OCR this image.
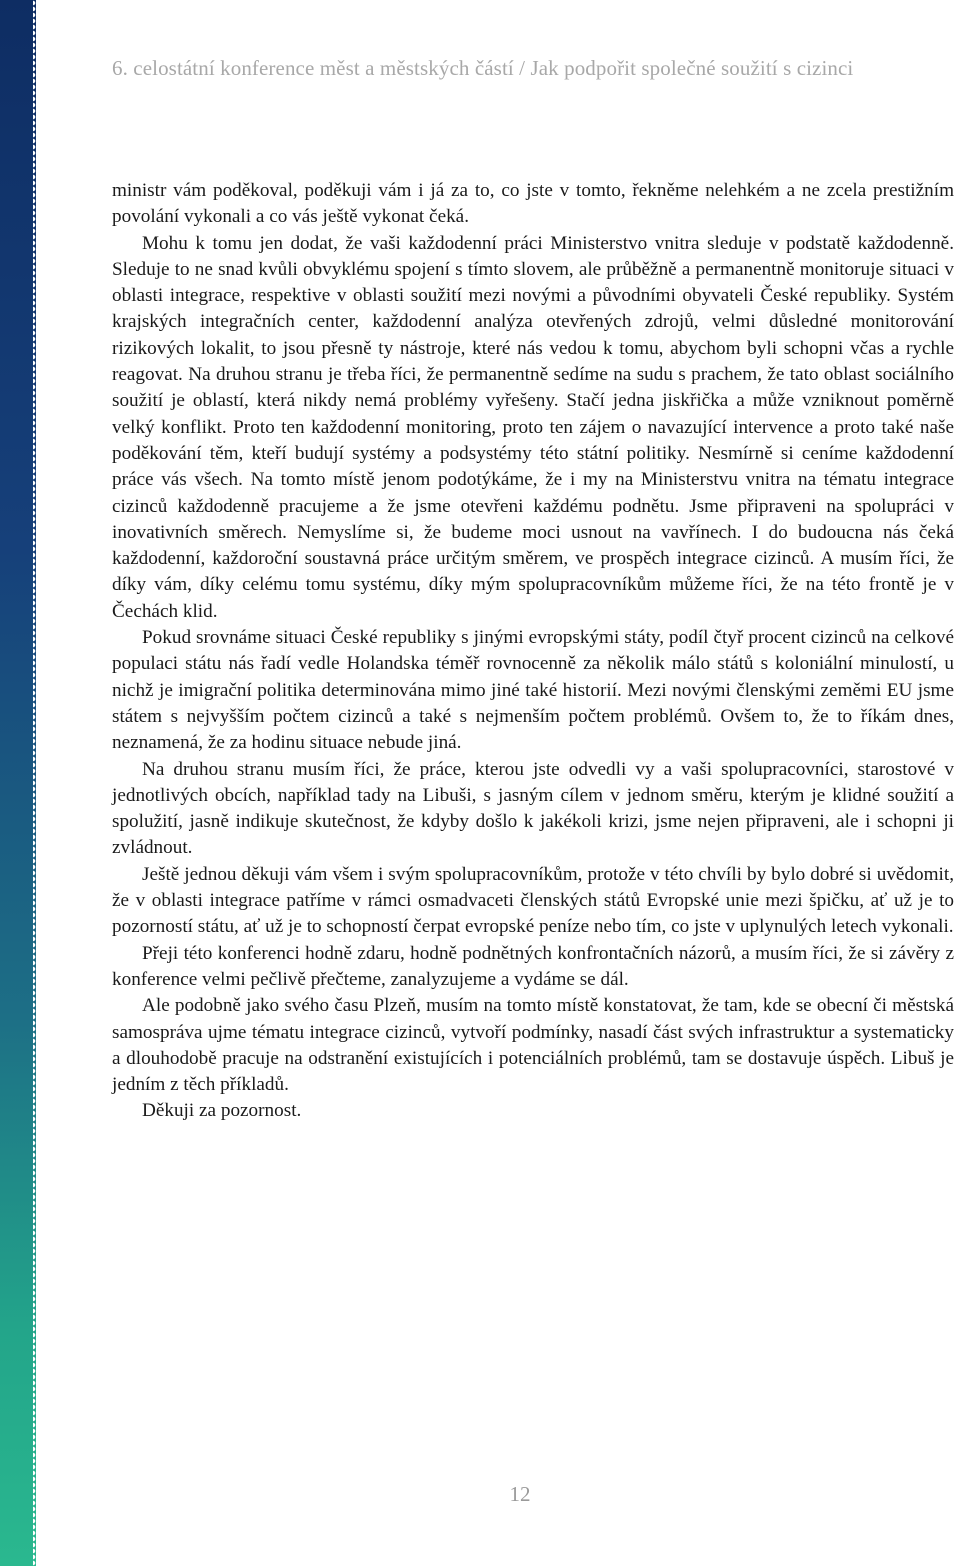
6. celostátní konference měst a městských částí / Jak podpořit společné soužití s cizinci

ministr vám poděkoval, poděkuji vám i já za to, co jste v tomto, řekněme nelehkém a ne zcela prestižním povolání vykonali a co vás ještě vykonat čeká.

Mohu k tomu jen dodat, že vaši každodenní práci Ministerstvo vnitra sleduje v podstatě každodenně. Sleduje to ne snad kvůli obvyklému spojení s tímto slovem, ale průběžně a permanentně monitoruje situaci v oblasti integrace, respektive v oblasti soužití mezi novými a původními obyvateli České republiky. Systém krajských integračních center, každodenní analýza otevřených zdrojů, velmi důsledné monitorování rizikových lokalit, to jsou přesně ty nástroje, které nás vedou k tomu, abychom byli schopni včas a rychle reagovat. Na druhou stranu je třeba říci, že permanentně sedíme na sudu s prachem, že tato oblast sociálního soužití je oblastí, která nikdy nemá problémy vyřešeny. Stačí jedna jiskřička a může vzniknout poměrně velký konflikt. Proto ten každodenní monitoring, proto ten zájem o navazující intervence a proto také naše poděkování těm, kteří budují systémy a podsystémy této státní politiky. Nesmírně si ceníme každodenní práce vás všech. Na tomto místě jenom podotýkáme, že i my na Ministerstvu vnitra na tématu integrace cizinců každodenně pracujeme a že jsme otevřeni každému podnětu. Jsme připraveni na spolupráci v inovativních směrech. Nemyslíme si, že budeme moci usnout na vavřínech. I do budoucna nás čeká každodenní, každoroční soustavná práce určitým směrem, ve prospěch integrace cizinců. A musím říci, že díky vám, díky celému tomu systému, díky mým spolupracovníkům můžeme říci, že na této frontě je v Čechách klid.

Pokud srovnáme situaci České republiky s jinými evropskými státy, podíl čtyř procent cizinců na celkové populaci státu nás řadí vedle Holandska téměř rovnocenně za několik málo států s koloniální minulostí, u nichž je imigrační politika determinována mimo jiné také historií. Mezi novými členskými zeměmi EU jsme státem s nejvyšším počtem cizinců a také s nejmenším počtem problémů. Ovšem to, že to říkám dnes, neznamená, že za hodinu situace nebude jiná.

Na druhou stranu musím říci, že práce, kterou jste odvedli vy a vaši spolupracovníci, starostové v jednotlivých obcích, například tady na Libuši, s jasným cílem v jednom směru, kterým je klidné soužití a spolužití, jasně indikuje skutečnost, že kdyby došlo k jakékoli krizi, jsme nejen připraveni, ale i schopni ji zvládnout.

Ještě jednou děkuji vám všem i svým spolupracovníkům, protože v této chvíli by bylo dobré si uvědomit, že v oblasti integrace patříme v rámci osmadvaceti členských států Evropské unie mezi špičku, ať už je to pozorností státu, ať už je to schopností čerpat evropské peníze nebo tím, co jste v uplynulých letech vykonali.

Přeji této konferenci hodně zdaru, hodně podnětných konfrontačních názorů, a musím říci, že si závěry z konference velmi pečlivě přečteme, zanalyzujeme a vydáme se dál.

Ale podobně jako svého času Plzeň, musím na tomto místě konstatovat, že tam, kde se obecní či městská samospráva ujme tématu integrace cizinců, vytvoří podmínky, nasadí část svých infrastruktur a systematicky a dlouhodobě pracuje na odstranění existujících i potenciálních problémů, tam se dostavuje úspěch. Libuš je jedním z těch příkladů.

Děkuji za pozornost.

12
